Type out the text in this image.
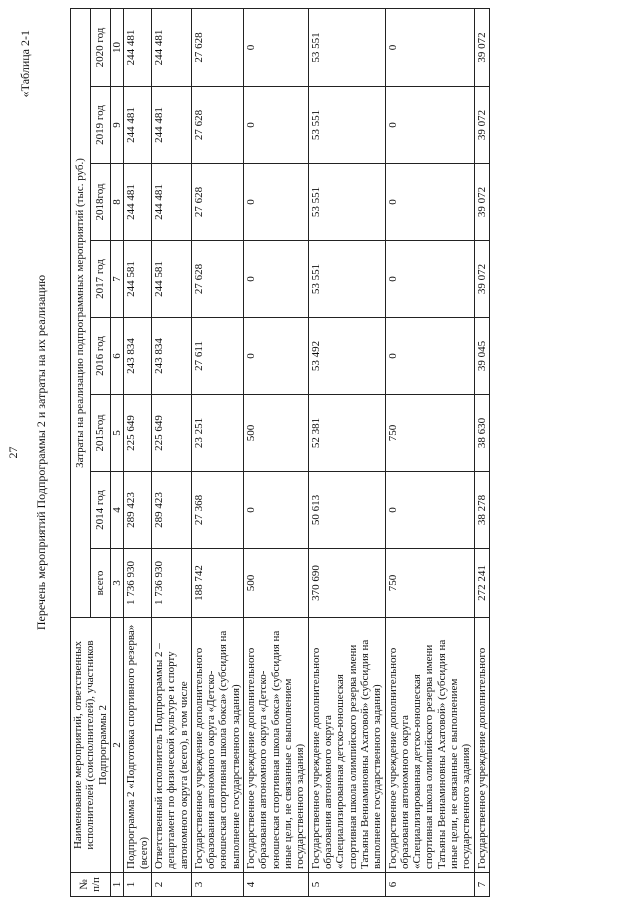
27
«Таблица 2-1
Перечень мероприятий Подпрограммы 2 и затраты на их реализацию
№ п/п	Наименование мероприятий, ответственных исполнителей (соисполнителей), участников Подпрограммы 2	Затраты на реализацию подпрограммных мероприятий (тыс. руб.)							
		всего	2014 год	2015год	2016 год	2017 год	2018год	2019 год	2020 год
1	2	3	4	5	6	7	8	9	10
1	Подпрограмма 2 «Подготовка спортивного резерва» (всего)	1 736 930	289 423	225 649	243 834	244 581	244 481	244 481	244 481
2	Ответственный исполнитель Подпрограммы 2 – департамент по физической культуре и спорту автономного округа (всего), в том числе	1 736 930	289 423	225 649	243 834	244 581	244 481	244 481	244 481
3	Государственное учреждение дополнительного образования автономного округа «Детско-юношеская спортивная школа бокса» (субсидия на выполнение государственного задания)	188 742	27 368	23 251	27 611	27 628	27 628	27 628	27 628
4	Государственное учреждение дополнительного образования автономного округа «Детско-юношеская спортивная школа бокса» (субсидия на иные цели, не связанные с выполнением государственного задания)	500	0	500	0	0	0	0	0
5	Государственное учреждение дополнительного образования автономного округа «Специализированная детско-юношеская спортивная школа олимпийского резерва имени Татьяны Вениаминовны Ахатовой» (субсидия на выполнение государственного задания)	370 690	50 613	52 381	53 492	53 551	53 551	53 551	53 551
6	Государственное учреждение дополнительного образования автономного округа «Специализированная детско-юношеская спортивная школа олимпийского резерва имени Татьяны Вениаминовны Ахатовой» (субсидия на иные цели, не связанные с выполнением государственного задания)	750	0	750	0	0	0	0	0
7	Государственное учреждение дополнительного	272 241	38 278	38 630	39 045	39 072	39 072	39 072	39 072
